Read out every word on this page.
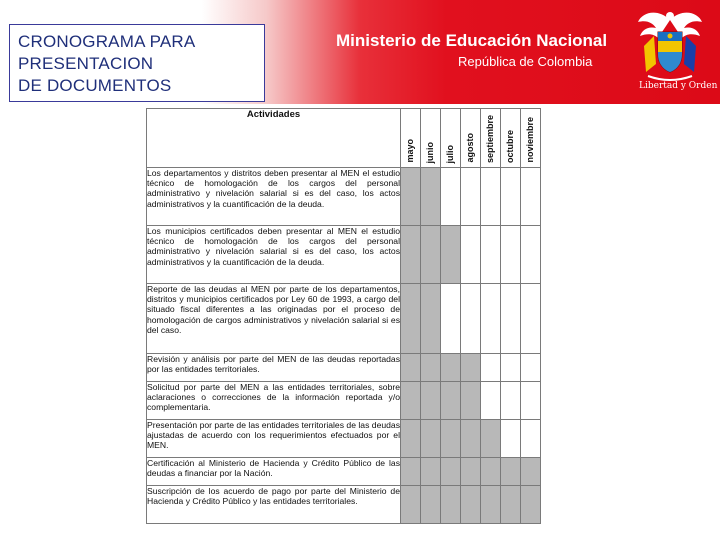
CRONOGRAMA PARA
PRESENTACION
DE DOCUMENTOS
Ministerio de Educación Nacional
República de Colombia
Libertad y Orden
Actividades	mayo	junio	julio	agosto	septiembre	octubre	noviembre

Los departamentos y distritos deben presentar al MEN el estudio técnico de homologación de los cargos del personal administrativo y nivelación salarial si es del caso, los actos administrativos y la cuantificación de la deuda.							
Los municipios certificados deben presentar al MEN el estudio técnico de homologación de los cargos del personal administrativo y nivelación salarial si es del caso, los actos administrativos y la cuantificación de la deuda.							
Reporte de las deudas al MEN por parte de los departamentos, distritos y municipios certificados por Ley 60 de 1993, a cargo del situado fiscal diferentes a las originadas por el proceso de homologación de cargos administrativos y nivelación salarial si es del caso.							
Revisión y análisis por parte del MEN de las deudas reportadas por las entidades territoriales.							
Solicitud por parte del MEN a las entidades territoriales, sobre aclaraciones o correcciones de la información reportada y/o complementaria.							
Presentación por parte de las entidades territoriales de las deudas ajustadas de acuerdo con los requerimientos efectuados por el MEN.							
Certificación al Ministerio de Hacienda y Crédito Público de las deudas a financiar por la Nación.							
Suscripción de los acuerdo de pago por parte del Ministerio de Hacienda y Crédito Público y las entidades territoriales.							
